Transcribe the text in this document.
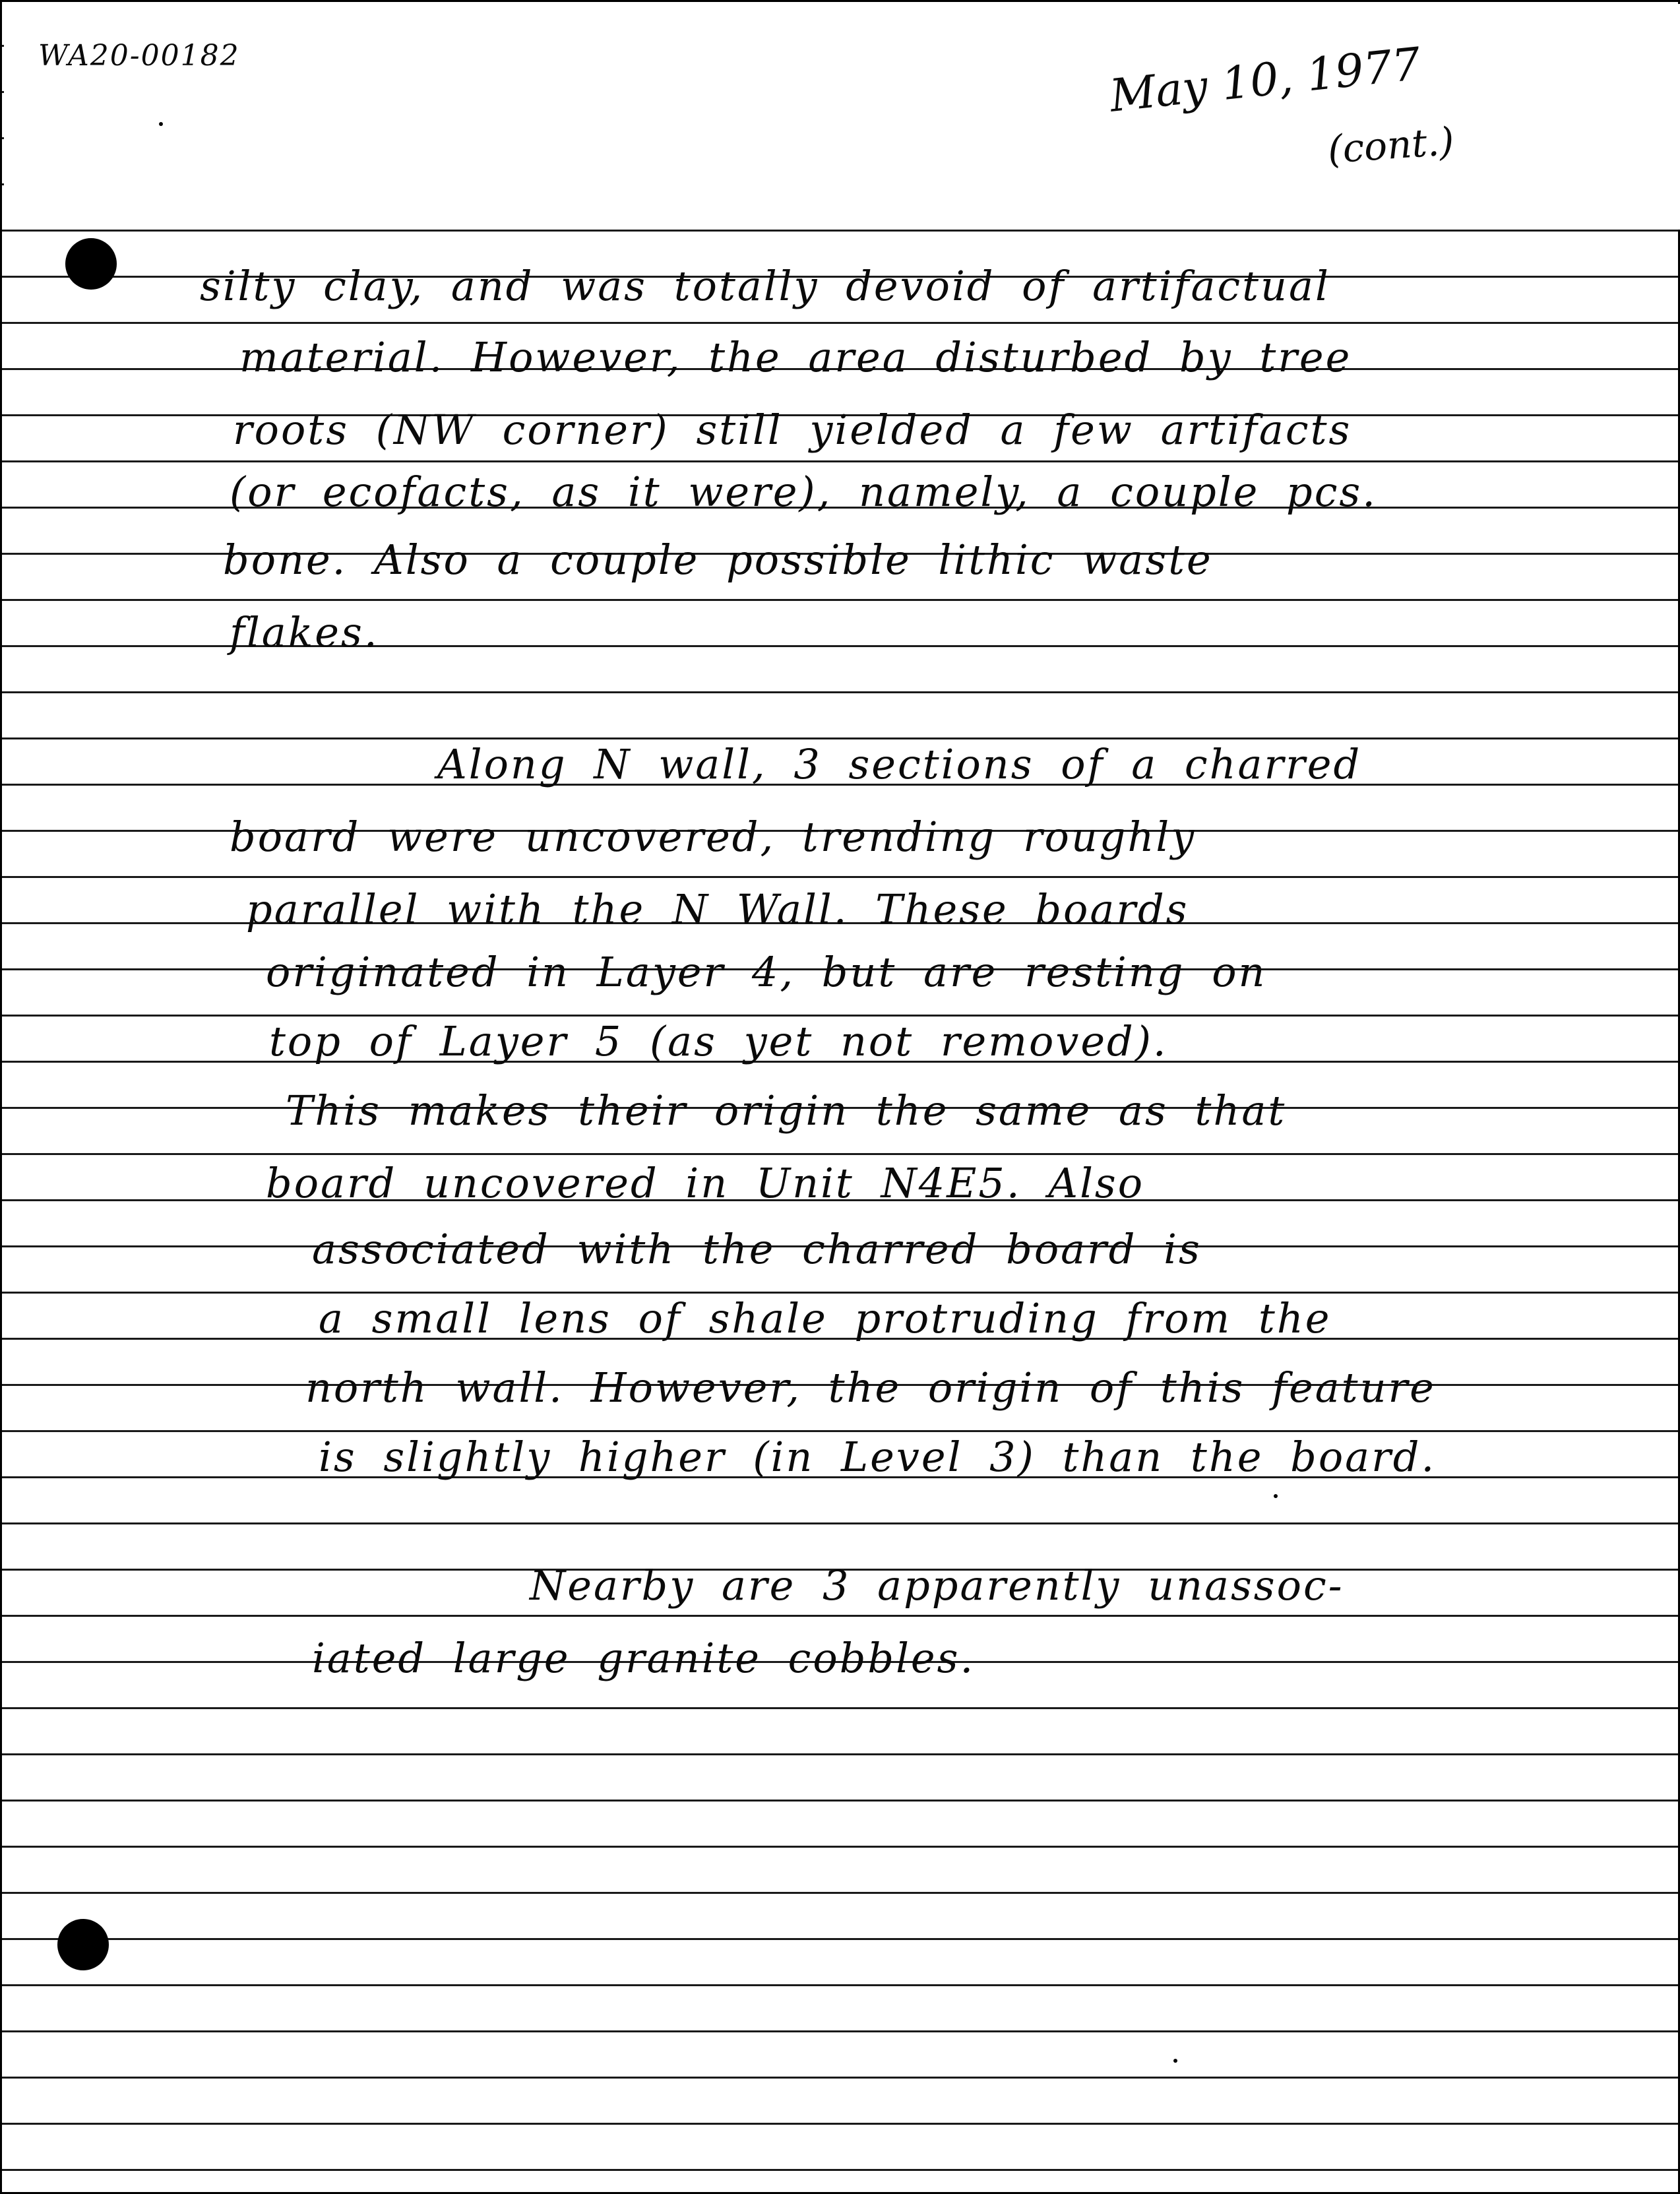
WA20-00182	May 10, 1977
(cont.)
silty clay, and was totally devoid of artifactual
material. However, the area disturbed by tree
roots (NW corner) still yielded a few artifacts
(or ecofacts, as it were), namely, a couple pcs.
bone. Also a couple possible lithic waste
flakes.
Along N wall, 3 sections of a charred
board were uncovered, trending roughly
parallel with the N Wall. These boards
originated in Layer 4, but are resting on
top of Layer 5 (as yet not removed).
This makes their origin the same as that
board uncovered in Unit N4E5. Also
associated with the charred board is
a small lens of shale protruding from the
north wall. However, the origin of this feature
is slightly higher (in Level 3) than the board.
Nearby are 3 apparently unassoc-
iated large granite cobbles.
